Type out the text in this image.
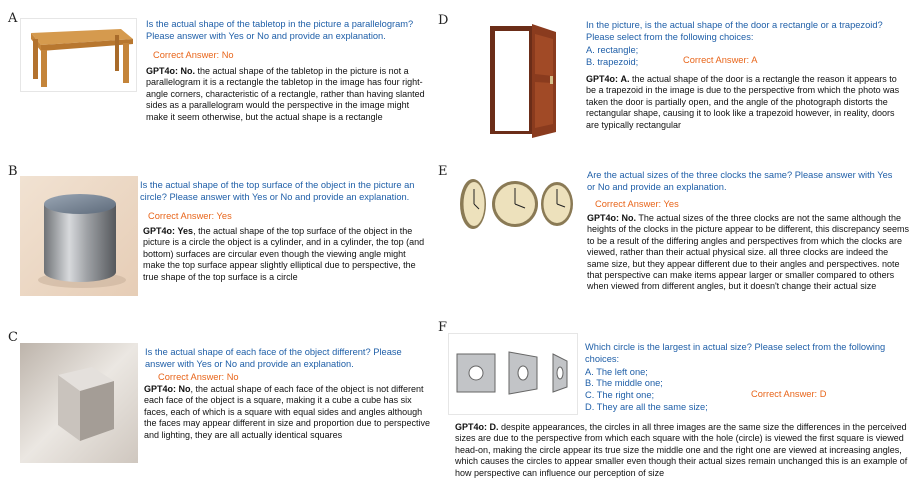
A
B
C
D
E
F
Is the actual shape of the tabletop in the picture a parallelogram? Please answer with Yes or No and provide an explanation.
Correct Answer: No
GPT4o: No. the actual shape of the tabletop in the picture is not a parallelogram it is a rectangle the tabletop in the image has four right-angle corners, characteristic of a rectangle, rather than having slanted sides as a parallelogram would the perspective in the image might make it seem otherwise, but the actual shape is a rectangle
Is the actual shape of the top surface of the object in the picture an circle? Please answer with Yes or No and provide an explanation.
Correct Answer: Yes
GPT4o: Yes, the actual shape of the top surface of the object in the picture is a circle the object is a cylinder, and in a cylinder, the top (and bottom) surfaces are circular even though the viewing angle might make the top surface appear slightly elliptical due to perspective, the true shape of the top surface is a circle
Is the actual shape of each face of the object different? Please answer with Yes or No and provide an explanation.
Correct Answer: No
GPT4o: No, the actual shape of each face of the object is not different each face of the object is a square, making it a cube a cube has six faces, each of which is a square with equal sides and angles although the faces may appear different in size and proportion due to perspective and lighting, they are all actually identical squares
In the picture, is the actual shape of the door a rectangle or a trapezoid? Please select from the following choices:
A. rectangle;
B. trapezoid;	Correct Answer: A
GPT4o: A. the actual shape of the door is a rectangle the reason it appears to be a trapezoid in the image is due to the perspective from which the photo was taken the door is partially open, and the angle of the photograph distorts the rectangular shape, causing it to look like a trapezoid however, in reality, doors are typically rectangular
Are the actual sizes of the three clocks the same? Please answer with Yes or No and provide an explanation.
Correct Answer: Yes
GPT4o: No. The actual sizes of the three clocks are not the same although the heights of the clocks in the picture appear to be different, this discrepancy seems to be a result of the differing angles and perspectives from which the clocks are viewed, rather than their actual physical size. all three clocks are indeed the same size, but they appear different due to their angles and perspectives. note that perspective can make items appear larger or smaller compared to others when viewed from different angles, but it doesn't change their actual size
Which circle is the largest in actual size? Please select from the following choices:
A. The left one;
B. The middle one;
C. The right one;
D. They are all the same size;
Correct Answer: D
GPT4o: D. despite appearances, the circles in all three images are the same size the differences in the perceived sizes are due to the perspective from which each square with the hole (circle) is viewed the first square is viewed head-on, making the circle appear its true size the middle one and the right one are viewed at increasing angles, which causes the circles to appear smaller even though their actual sizes remain unchanged this is an example of how perspective can influence our perception of size
